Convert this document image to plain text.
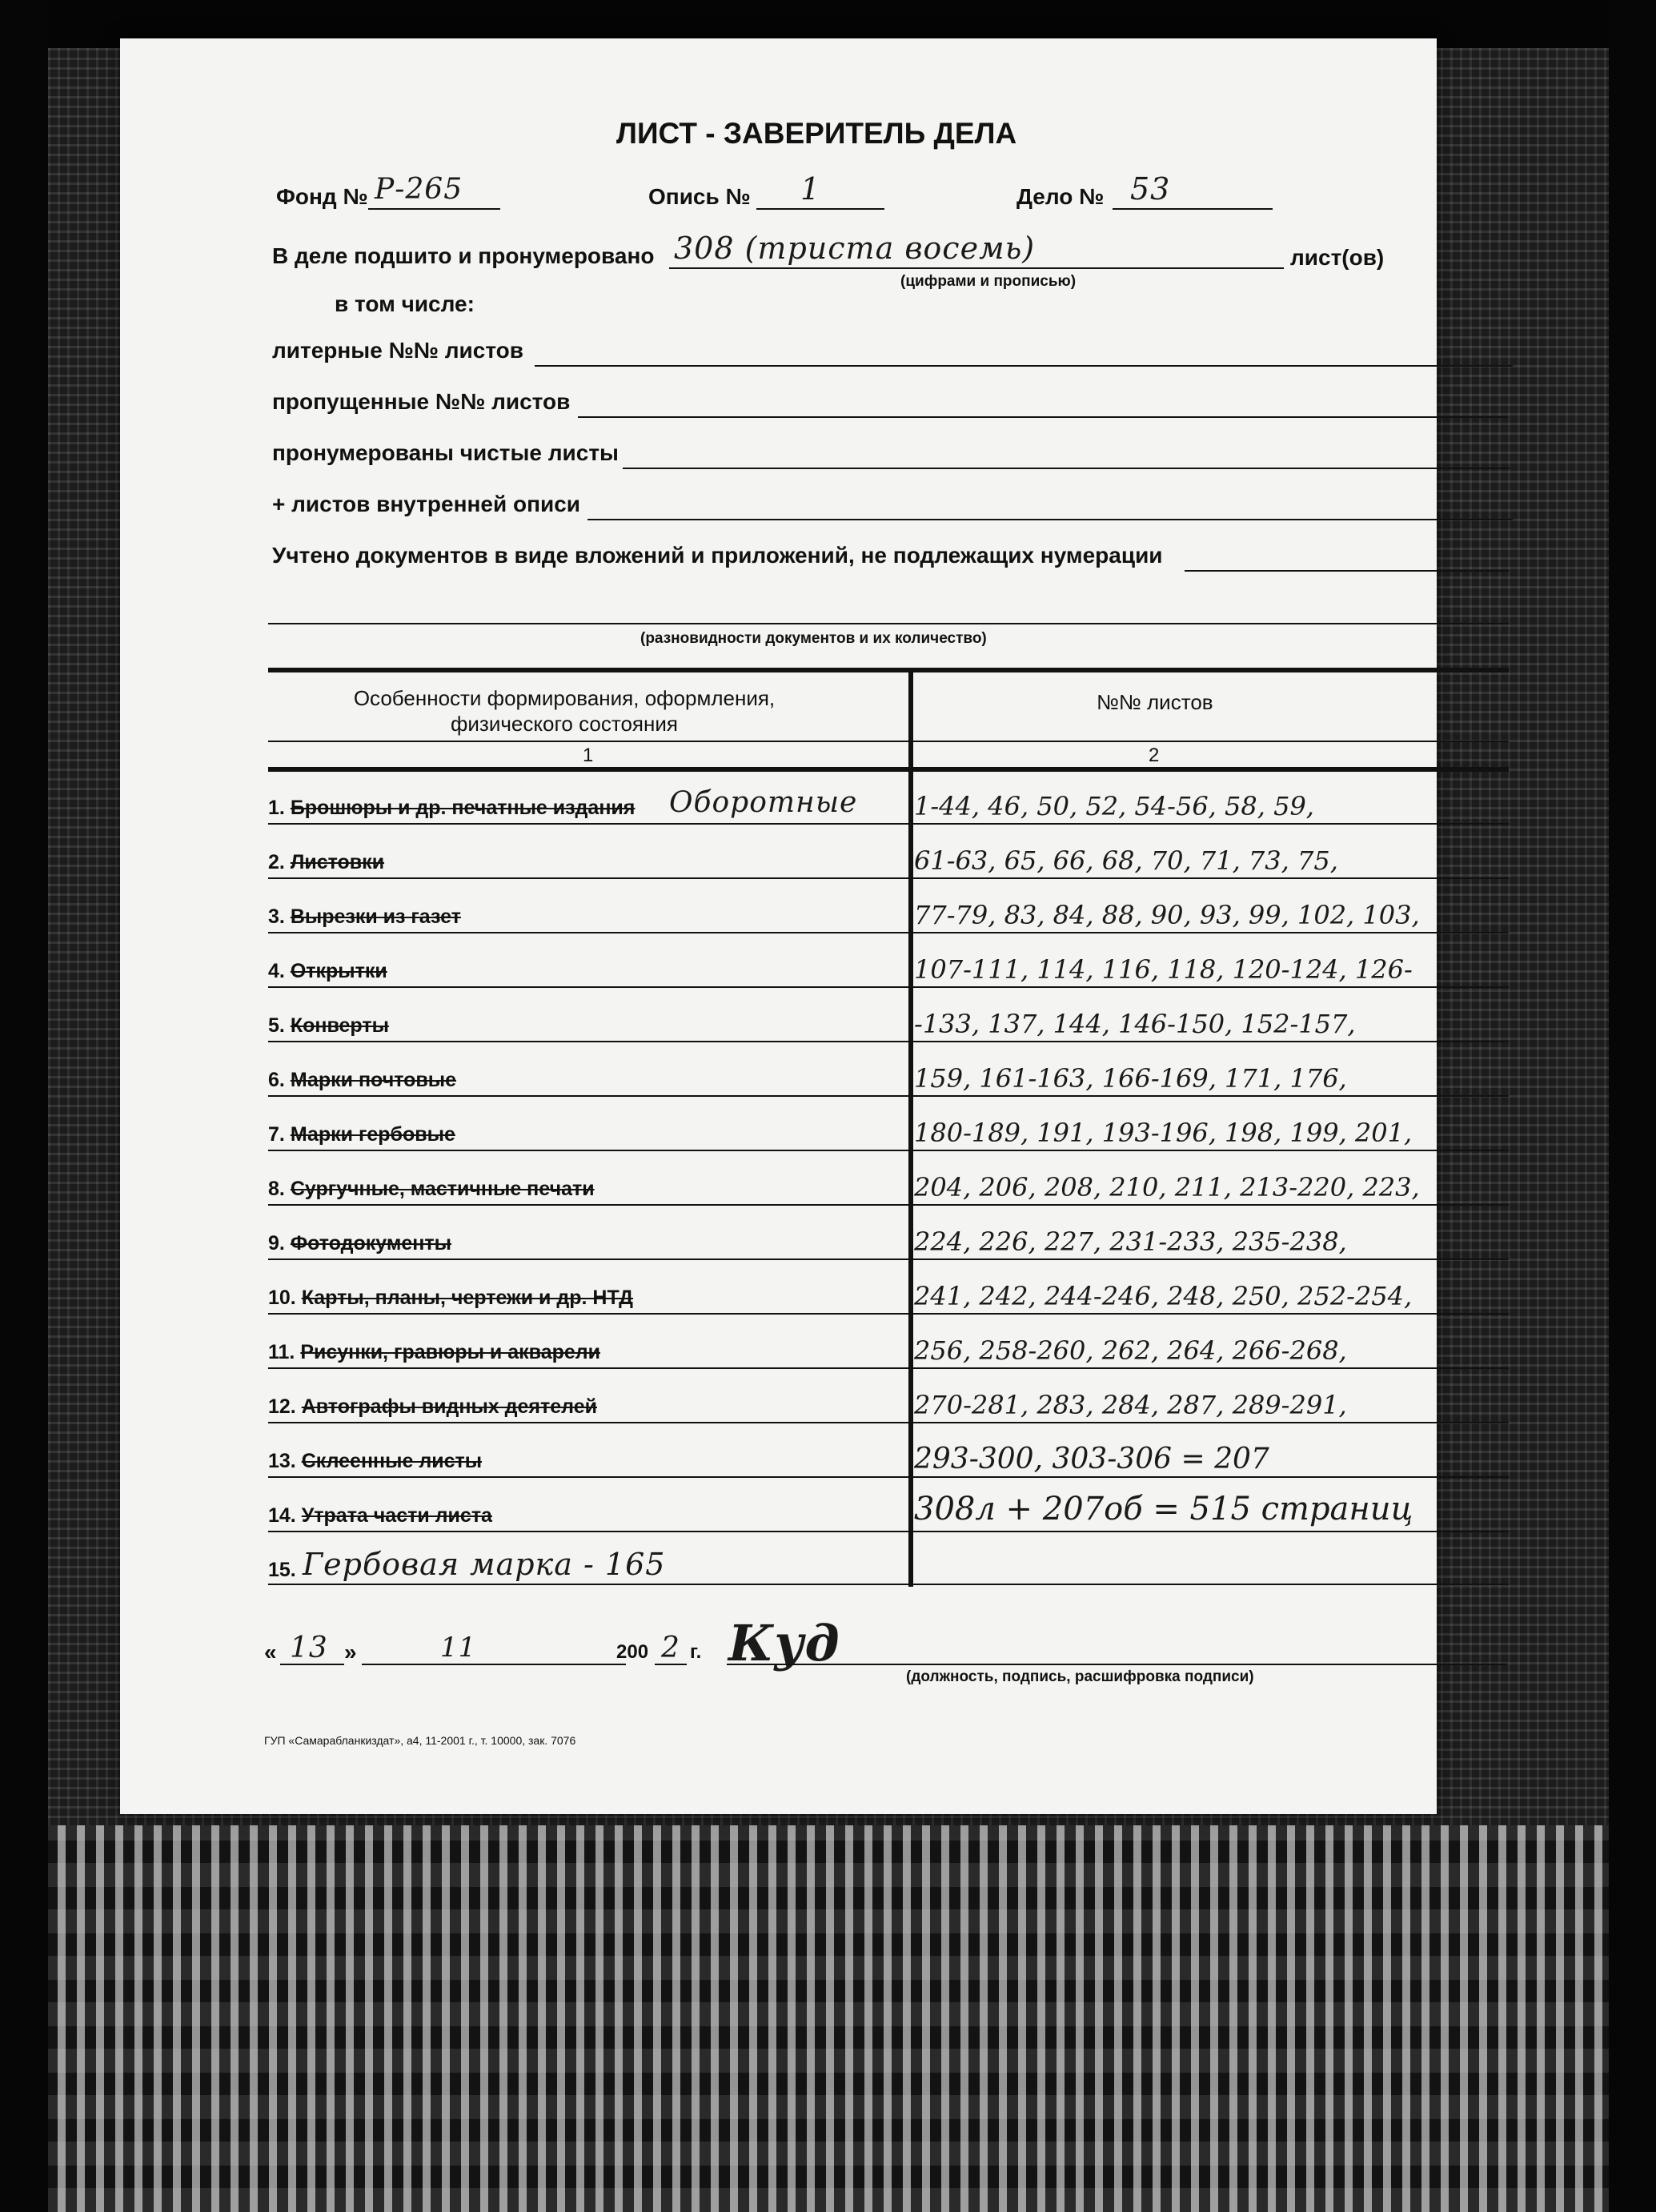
ЛИСТ - ЗАВЕРИТЕЛЬ ДЕЛА
Фонд № Р-265	Опись № 1	Дело № 53
В деле подшито и пронумеровано 308 (триста восемь)	лист(ов)
(цифрами и прописью)
в том числе:
литерные №№ листов
пропущенные №№ листов
пронумерованы чистые листы
+ листов внутренней описи
Учтено документов в виде вложений и приложений, не подлежащих нумерации
(разновидности документов и их количество)
Особенности формирования, оформления, физического состояния
№№ листов
1	2
1. Брошюры и др. печатные издания Оборотные 1-44, 46, 50, 52, 54-56, 58, 59,
2. Листовки	61-63, 65, 66, 68, 70, 71, 73, 75,
3. Вырезки из газет	77-79, 83, 84, 88, 90, 93, 99, 102, 103,
4. Открытки	107-111, 114, 116, 118, 120-124, 126-
5. Конверты	-133, 137, 144, 146-150, 152-157,
6. Марки почтовые	159, 161-163, 166-169, 171, 176,
7. Марки гербовые	180-189, 191, 193-196, 198, 199, 201,
8. Сургучные, мастичные печати	204, 206, 208, 210, 211, 213-220, 223,
9. Фотодокументы	224, 226, 227, 231-233, 235-238,
10. Карты, планы, чертежи и др. НТД	241, 242, 244-246, 248, 250, 252-254,
11. Рисунки, гравюры и акварели	256, 258-260, 262, 264, 266-268,
12. Автографы видных деятелей	270-281, 283, 284, 287, 289-291,
13. Склеенные листы	293-300, 303-306 = 207
14. Утрата части листа	308л + 207об = 515 страниц
15. Гербовая марка - 165
« 13 »	11	200 2 г. Куд
(должность, подпись, расшифровка подписи)
ГУП «Самарабланкиздат», а4, 11-2001 г., т. 10000, зак. 7076
